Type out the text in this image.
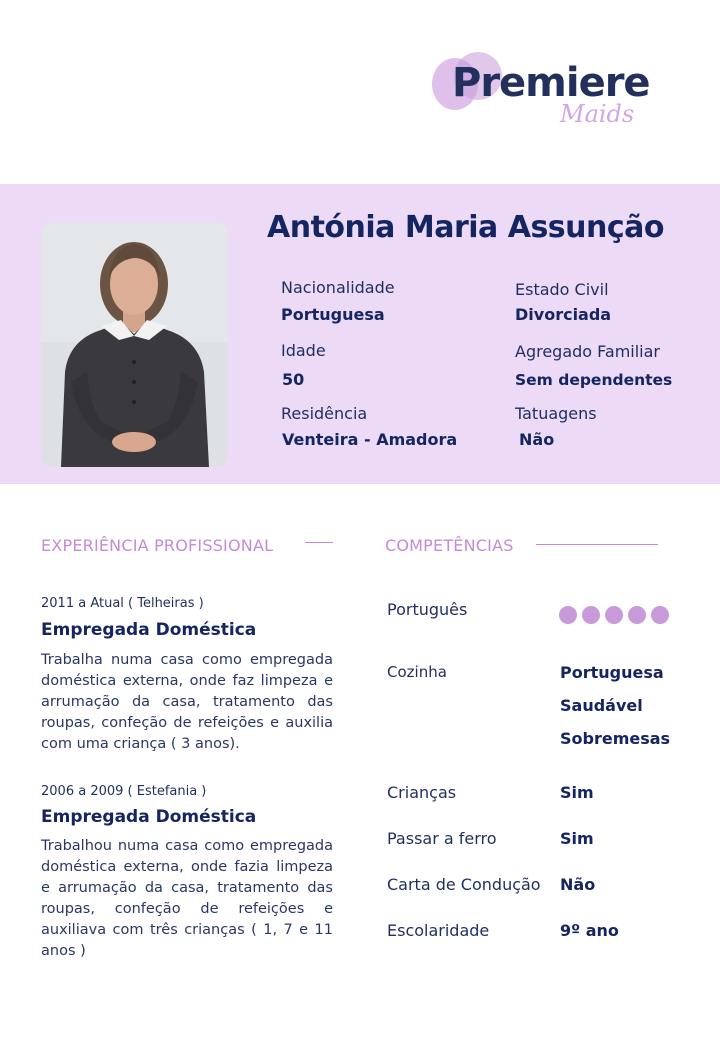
Premiere
Maids
Antónia Maria Assunção
Nacionalidade
Portuguesa
Estado Civil
Divorciada
Idade
50
Agregado Familiar
Sem dependentes
Residência
Venteira - Amadora
Tatuagens
Não
EXPERIÊNCIA PROFISSIONAL
2011 a Atual ( Telheiras )
Empregada Doméstica
Trabalha numa casa como empregada doméstica externa, onde faz limpeza e arrumação da casa, tratamento das roupas, confeção de refeições e auxilia com uma criança ( 3 anos).
2006 a 2009 ( Estefania )
Empregada Doméstica
Trabalhou numa casa como empregada doméstica externa, onde fazia limpeza e arrumação da casa, tratamento das roupas, confeção de refeições e auxiliava com três crianças ( 1, 7 e 11 anos )
COMPETÊNCIAS
Português
Cozinha	Portuguesa
Saudável
Sobremesas
Crianças	Sim
Passar a ferro	Sim
Carta de Condução Não
Escolaridade	9º ano
